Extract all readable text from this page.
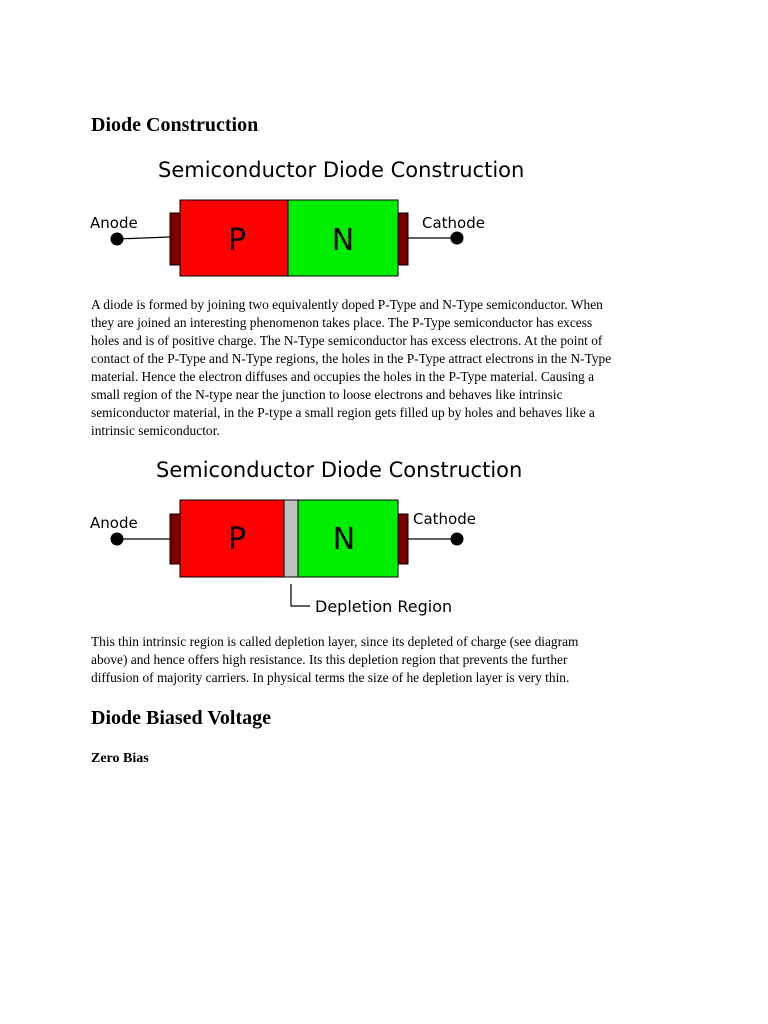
Diode Construction
Semiconductor Diode Construction
Anode	Cathode
P	N

A diode is formed by joining two equivalently doped P-Type and N-Type semiconductor. When
they are joined an interesting phenomenon takes place. The P-Type semiconductor has excess
holes and is of positive charge. The N-Type semiconductor has excess electrons. At the point of
contact of the P-Type and N-Type regions, the holes in the P-Type attract electrons in the N-Type
material. Hence the electron diffuses and occupies the holes in the P-Type material. Causing a
small region of the N-type near the junction to loose electrons and behaves like intrinsic
semiconductor material, in the P-type a small region gets filled up by holes and behaves like a
intrinsic semiconductor.

Semiconductor Diode Construction
Anode	Cathode
P	N
Depletion Region

This thin intrinsic region is called depletion layer, since its depleted of charge (see diagram
above) and hence offers high resistance. Its this depletion region that prevents the further
diffusion of majority carriers. In physical terms the size of he depletion layer is very thin.

Diode Biased Voltage
Zero Bias
